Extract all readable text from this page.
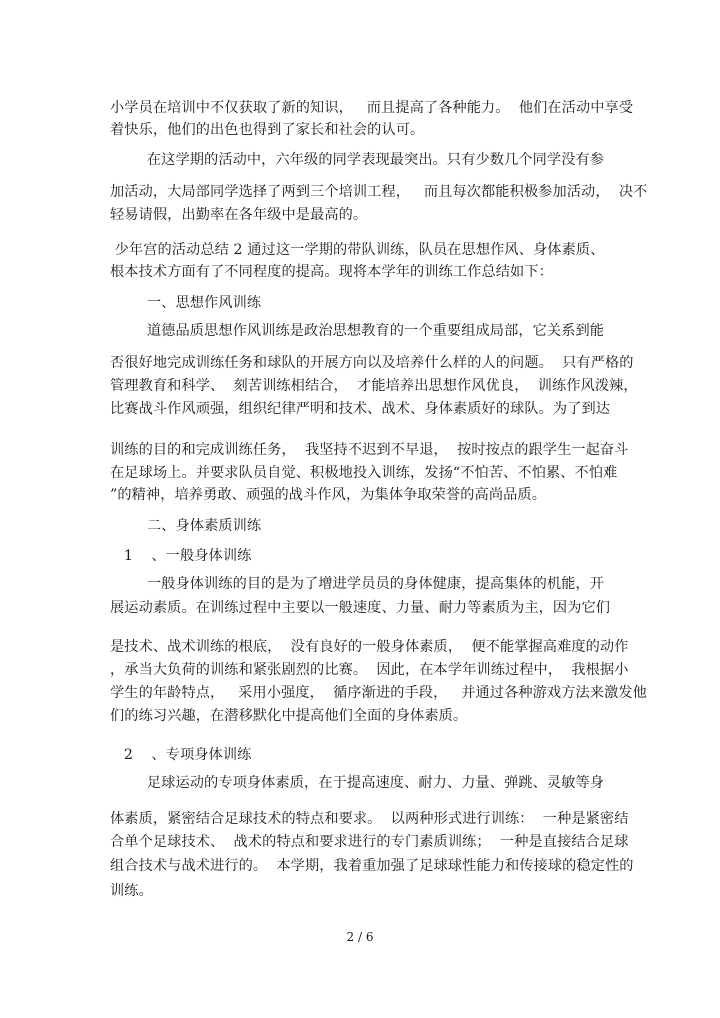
小学员在培训中不仅获取了新的知识，   而且提高了各种能力。  他们在活动中享受
着快乐，他们的出色也得到了家长和社会的认可。
在这学期的活动中，六年级的同学表现最突出。只有少数几个同学没有参
加活动，大局部同学选择了两到三个培训工程，   而且每次都能积极参加活动，  决不
轻易请假，出勤率在各年级中是最高的。
少年宫的活动总结 2 通过这一学期的带队训练，队员在思想作风、身体素质、
根本技术方面有了不同程度的提高。现将本学年的训练工作总结如下：
一、思想作风训练
道德品质思想作风训练是政治思想教育的一个重要组成局部，它关系到能
否很好地完成训练任务和球队的开展方向以及培养什么样的人的问题。  只有严格的
管理教育和科学、  刻苦训练相结合，  才能培养出思想作风优良，  训练作风泼辣，
比赛战斗作风顽强，组织纪律严明和技术、战术、身体素质好的球队。为了到达
训练的目的和完成训练任务，  我坚持不迟到不早退，  按时按点的跟学生一起奋斗
在足球场上。并要求队员自觉、积极地投入训练，发扬“不怕苦、不怕累、不怕难
”的精神，培养勇敢、顽强的战斗作风，为集体争取荣誉的高尚品质。
二、身体素质训练
1    、一般身体训练
一般身体训练的目的是为了增进学员员的身体健康，提高集体的机能，开
展运动素质。在训练过程中主要以一般速度、力量、耐力等素质为主，因为它们
是技术、战术训练的根底，  没有良好的一般身体素质，  便不能掌握高难度的动作
，承当大负荷的训练和紧张剧烈的比赛。  因此，在本学年训练过程中，  我根据小
学生的年龄特点，   采用小强度，  循序渐进的手段，   并通过各种游戏方法来激发他
们的练习兴趣，在潜移默化中提高他们全面的身体素质。
2    、专项身体训练
足球运动的专项身体素质，在于提高速度、耐力、力量、弹跳、灵敏等身
体素质，紧密结合足球技术的特点和要求。  以两种形式进行训练：  一种是紧密结
合单个足球技术、  战术的特点和要求进行的专门素质训练；  一种是直接结合足球
组合技术与战术进行的。  本学期，我着重加强了足球球性能力和传接球的稳定性的
训练。
2 / 6
